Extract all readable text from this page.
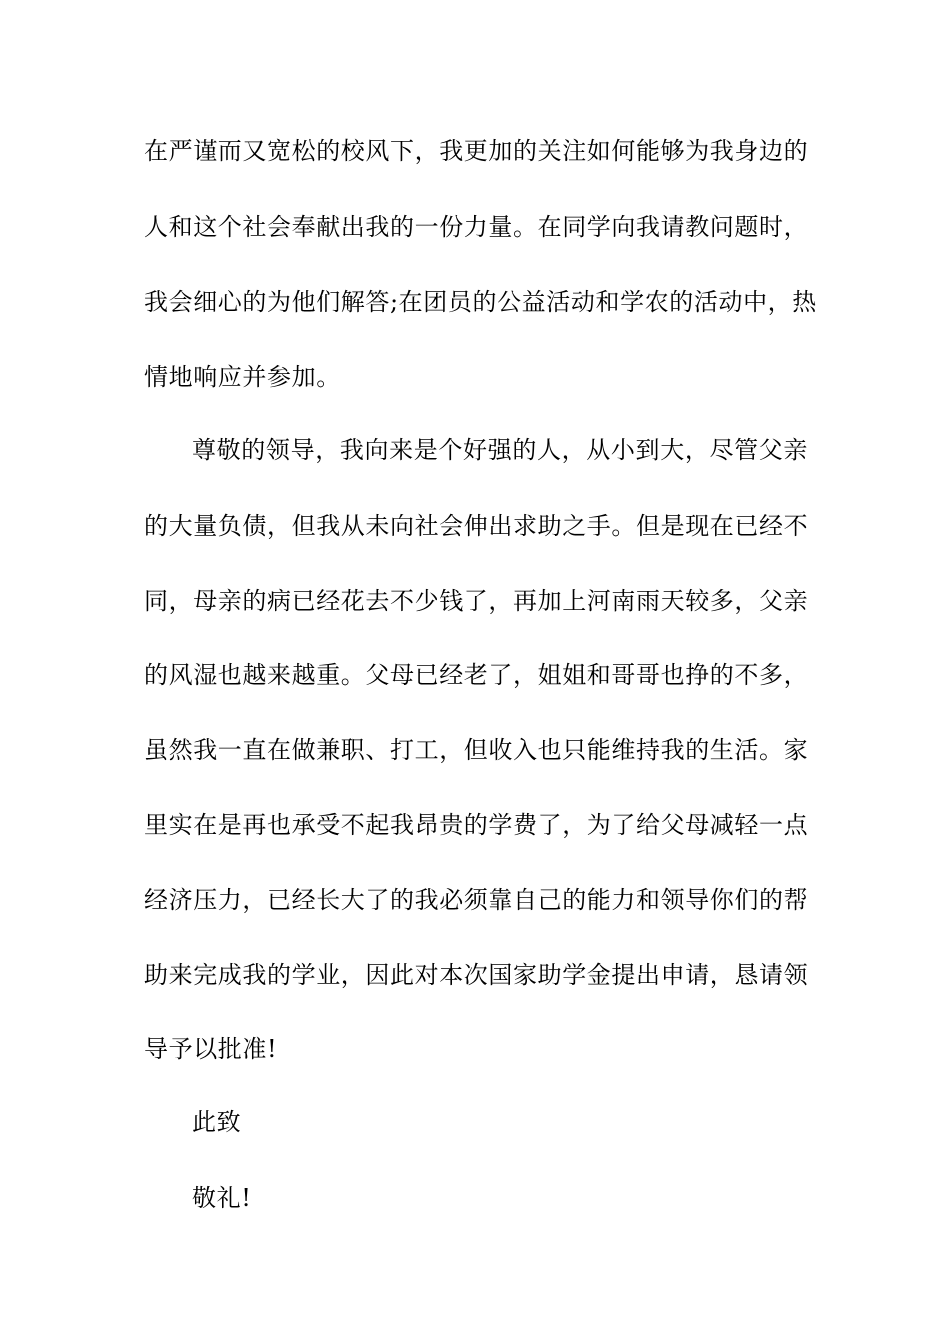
在严谨而又宽松的校风下，我更加的关注如何能够为我身边的
人和这个社会奉献出我的一份力量。在同学向我请教问题时，
我会细心的为他们解答;在团员的公益活动和学农的活动中，热
情地响应并参加。
尊敬的领导，我向来是个好强的人，从小到大，尽管父亲
的大量负债，但我从未向社会伸出求助之手。但是现在已经不
同，母亲的病已经花去不少钱了，再加上河南雨天较多，父亲
的风湿也越来越重。父母已经老了，姐姐和哥哥也挣的不多，
虽然我一直在做兼职、打工，但收入也只能维持我的生活。家
里实在是再也承受不起我昂贵的学费了，为了给父母减轻一点
经济压力，已经长大了的我必须靠自己的能力和领导你们的帮
助来完成我的学业，因此对本次国家助学金提出申请，恳请领
导予以批准!
此致
敬礼!
